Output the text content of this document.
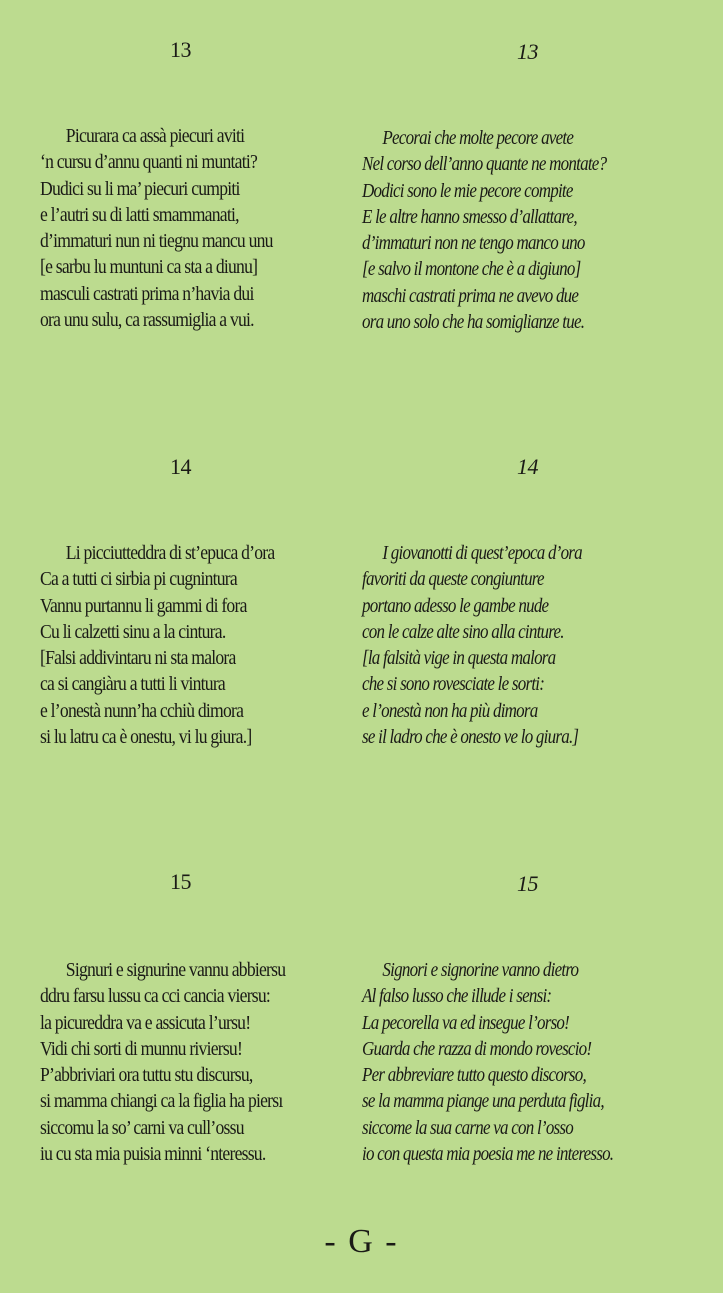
13
Picurara ca assà piecuri aviti
‘n cursu d’annu quanti ni muntati?
Dudici su li ma’ piecuri cumpiti
e l’autri su di latti smammanati,
d’immaturi nun ni tiegnu mancu unu
[e sarbu lu muntuni ca sta a diunu]
masculi castrati prima n’havia dui
ora unu sulu, ca rassumiglia a vui.
14
Li picciutteddra di st’epuca d’ora
Ca a tutti ci sirbia pi cugnintura
Vannu purtannu li gammi di fora
Cu li calzetti sinu a la cintura.
[Falsi addivintaru ni sta malora
ca si cangiàru a tutti li vintura
e l’onestà nunn’ha cchiù dimora
si lu latru ca è onestu, vi lu giura.]
15
Signuri e signurine vannu abbiersu
ddru farsu lussu ca cci cancia viersu:
la picureddra va e assicuta l’ursu!
Vidi chi sorti di munnu riviersu!
P’abbriviari ora tuttu stu discursu,
si mamma chiangi ca la figlia ha piersı
siccomu la so’ carni va cull’ossu
iu cu sta mia puisia minni ‘nteressu.
13
Pecorai che molte pecore avete
Nel corso dell’anno quante ne montate?
Dodici sono le mie pecore compite
E le altre hanno smesso d’allattare,
d’immaturi non ne tengo manco uno
[e salvo il montone che è a digiuno]
maschi castrati prima ne avevo due
ora uno solo che ha somiglianze tue.
14
I giovanotti di quest’epoca d’ora
favoriti da queste congiunture
portano adesso le gambe nude
con le calze alte sino alla cinture.
[la falsità vige in questa malora
che si sono rovesciate le sorti:
e l’onestà non ha più dimora
se il ladro che è onesto ve lo giura.]
15
Signori e signorine vanno dietro
Al falso lusso che illude i sensi:
La pecorella va ed insegue l’orso!
Guarda che razza di mondo rovescio!
Per abbreviare tutto questo discorso,
se la mamma piange una perduta figlia,
siccome la sua carne va con l’osso
io con questa mia poesia me ne interesso.
- G -
